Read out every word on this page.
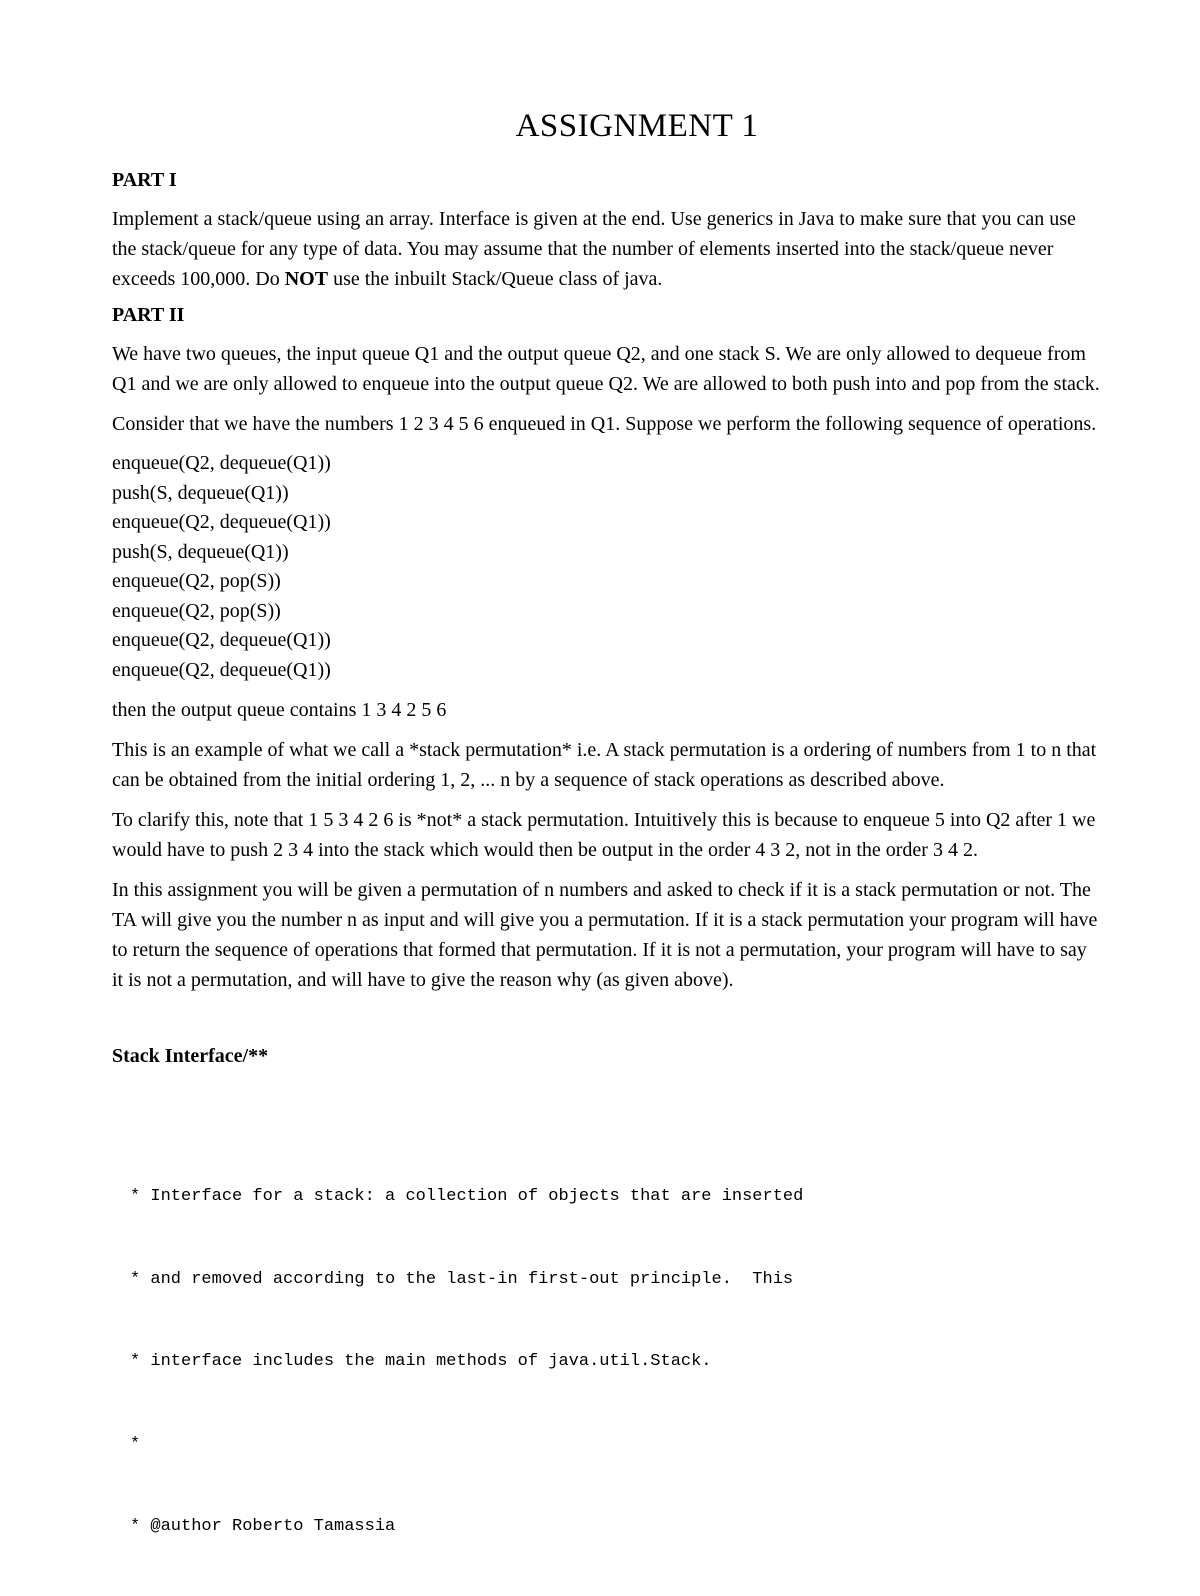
ASSIGNMENT 1
PART I

Implement a stack/queue using an array. Interface is given at the end. Use generics in Java to make sure that you can use the stack/queue for any type of data. You may assume that the number of elements inserted into the stack/queue never exceeds 100,000. Do NOT use the inbuilt Stack/Queue class of java.

PART II

We have two queues, the input queue Q1 and the output queue Q2, and one stack S. We are only allowed to dequeue from Q1 and we are only allowed to enqueue into the output queue Q2. We are allowed to both push into and pop from the stack.

Consider that we have the numbers 1 2 3 4 5 6 enqueued in Q1. Suppose we perform the following sequence of operations.

enqueue(Q2, dequeue(Q1))
push(S, dequeue(Q1))
enqueue(Q2, dequeue(Q1))
push(S, dequeue(Q1))
enqueue(Q2, pop(S))
enqueue(Q2, pop(S))
enqueue(Q2, dequeue(Q1))
enqueue(Q2, dequeue(Q1))

then the output queue contains 1 3 4 2 5 6

This is an example of what we call a *stack permutation* i.e. A stack permutation is a ordering of numbers from 1 to n that can be obtained from the initial ordering 1, 2, ... n by a sequence of stack operations as described above.

To clarify this, note that 1 5 3 4 2 6 is *not* a stack permutation. Intuitively this is because to enqueue 5 into Q2 after 1 we would have to push 2 3 4 into the stack which would then be output in the order 4 3 2, not in the order 3 4 2.

In this assignment you will be given a permutation of n numbers and asked to check if it is a stack permutation or not. The TA will give you the number n as input and will give you a permutation. If it is a stack permutation your program will have to return the sequence of operations that formed that permutation. If it is not a permutation, your program will have to say it is not a permutation, and will have to give the reason why (as given above).

Stack Interface/**

* Interface for a stack: a collection of objects that are inserted

* and removed according to the last-in first-out principle.  This

* interface includes the main methods of java.util.Stack.

*

* @author Roberto Tamassia
